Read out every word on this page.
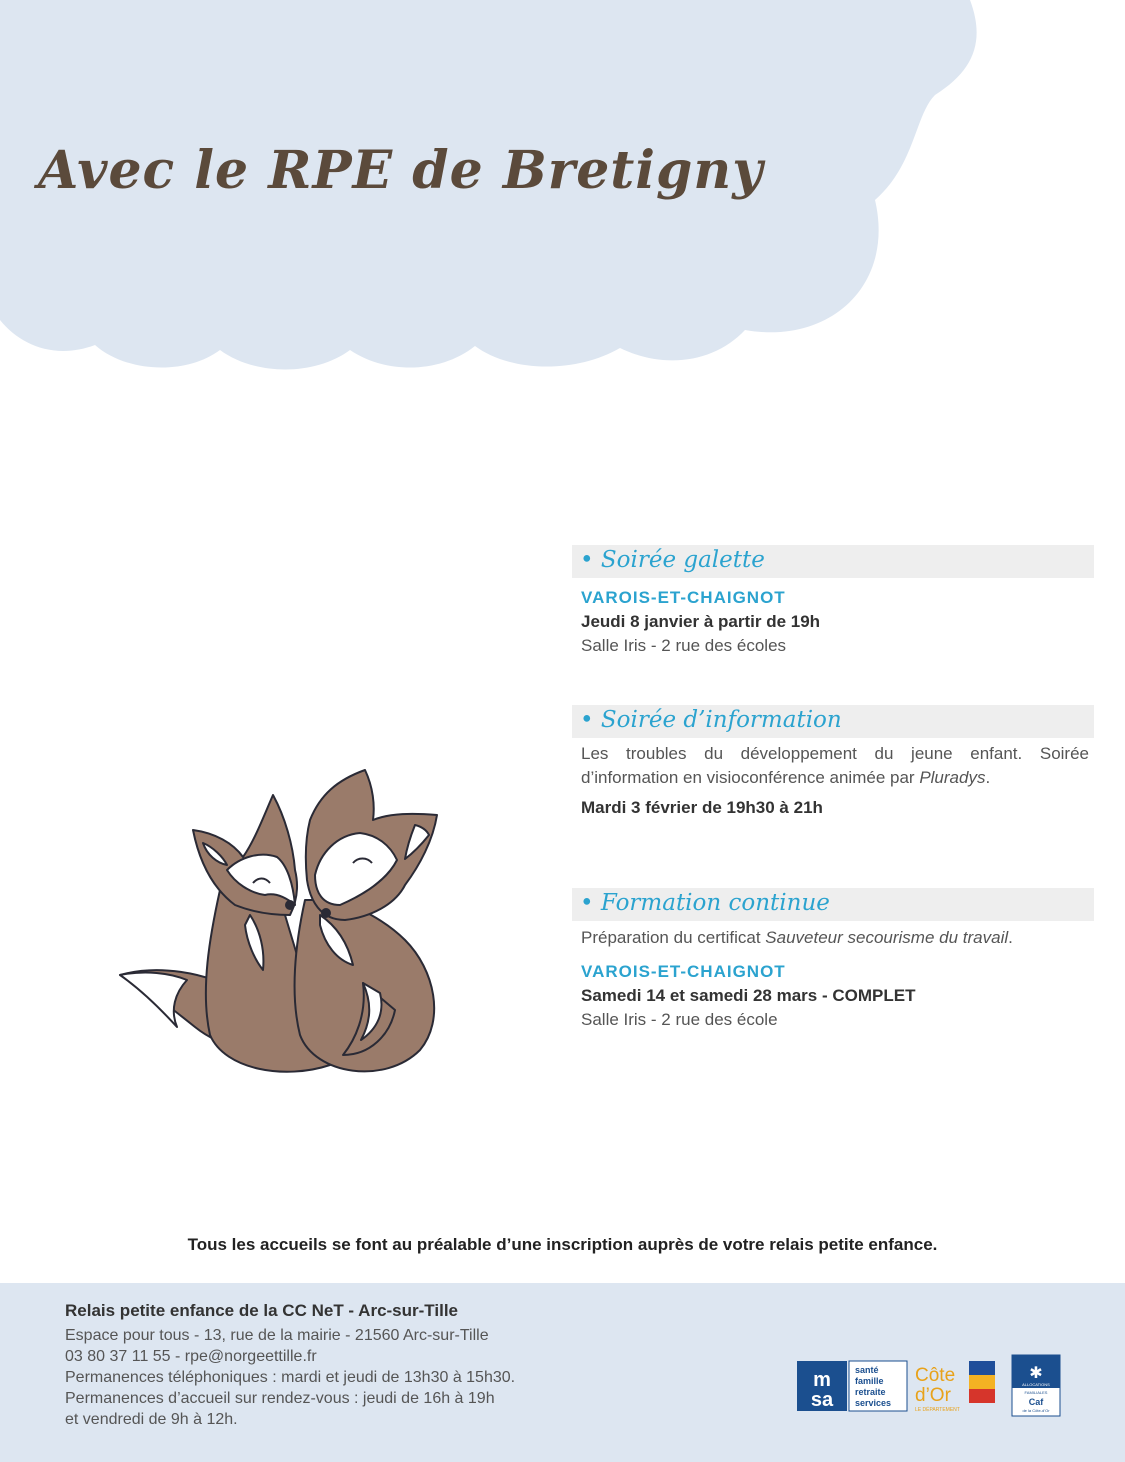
Avec le RPE de Bretigny
• Soirée galette
VAROIS-ET-CHAIGNOT
Jeudi 8 janvier à partir de 19h
Salle Iris - 2 rue des écoles
• Soirée d’information
Les troubles du développement du jeune enfant. Soirée d’information en visioconférence animée par Pluradys.
Mardi 3 février de 19h30 à 21h
• Formation continue
Préparation du certificat Sauveteur secourisme du travail.
VAROIS-ET-CHAIGNOT
Samedi 14 et samedi 28 mars - COMPLET
Salle Iris - 2 rue des école

Tous les accueils se font au préalable d’une inscription auprès de votre relais petite enfance.

Relais petite enfance de la CC NeT - Arc-sur-Tille
Espace pour tous - 13, rue de la mairie - 21560 Arc-sur-Tille
03 80 37 11 55 - rpe@norgeettille.fr
Permanences téléphoniques : mardi et jeudi de 13h30 à 15h30.
Permanences d’accueil sur rendez-vous : jeudi de 16h à 19h
et vendredi de 9h à 12h.
m
sa
santé
famille
retraite
services
Côte
d’Or
LE DÉPARTEMENT
✱
ALLOCATIONS
FAMILIALES
Caf
de la Côte-d’Or
